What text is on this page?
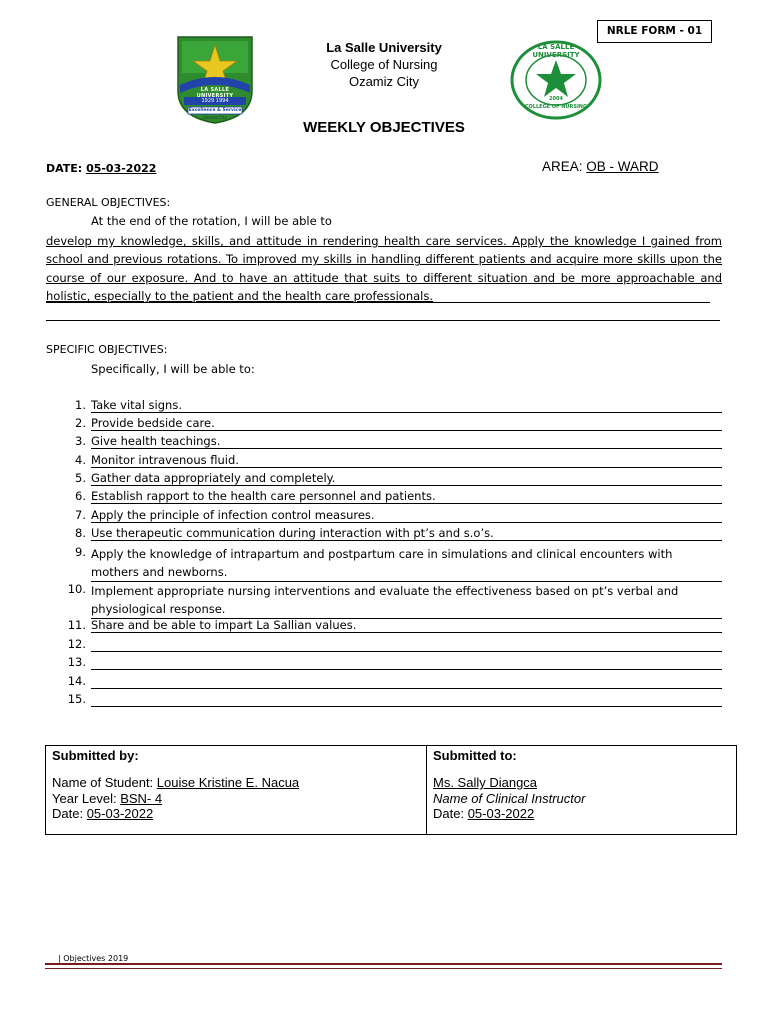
NRLE FORM - 01
LA SALLE UNIVERSITY
1929 1994
Excellence & Service
Ozamiz City
La Salle University
College of Nursing
Ozamiz City
LA SALLE UNIVERSITY
2004
COLLEGE OF NURSING
WEEKLY OBJECTIVES
DATE: 05-03-2022	AREA: OB - WARD
GENERAL OBJECTIVES:
At the end of the rotation, I will be able to
develop my knowledge, skills, and attitude in rendering health care services. Apply the knowledge I gained from school and previous rotations. To improved my skills in handling different patients and acquire more skills upon the course of our exposure. And to have an attitude that suits to different situation and be more approachable and holistic, especially to the patient and the health care professionals.
SPECIFIC OBJECTIVES:
Specifically, I will be able to:
1. Take vital signs.
2. Provide bedside care.
3. Give health teachings.
4. Monitor intravenous fluid.
5. Gather data appropriately and completely.
6. Establish rapport to the health care personnel and patients.
7. Apply the principle of infection control measures.
8. Use therapeutic communication during interaction with pt’s and s.o’s.
9. Apply the knowledge of intrapartum and postpartum care in simulations and clinical encounters with mothers and newborns.
10. Implement appropriate nursing interventions and evaluate the effectiveness based on pt’s verbal and physiological response.
11. Share and be able to impart La Sallian values.
12.
13.
14.
15.
Submitted by:
Name of Student: Louise Kristine E. Nacua
Year Level: BSN- 4
Date: 05-03-2022
Submitted to:
Ms. Sally Diangca
Name of Clinical Instructor
Date: 05-03-2022
| Objectives 2019
